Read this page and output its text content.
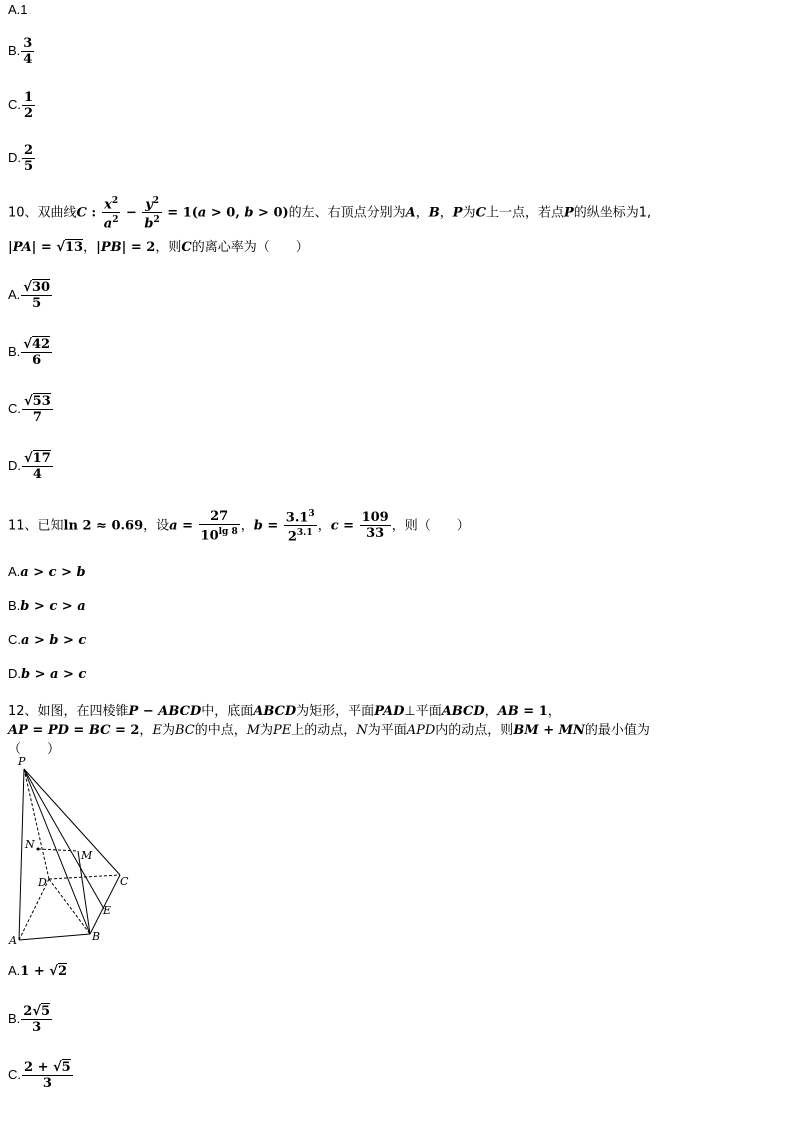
A.1
B. $\frac{3}{4}$
C. $\frac{1}{2}$
D. $\frac{2}{5}$
10、双曲线C : $\frac{x^2}{a^2} - \frac{y^2}{b^2} = 1(a > 0$, b > 0)的左、右顶点分别为A，B，P为C上一点，若点P的纵坐标为1,
|PA| = √13，|PB| = 2，则C的离心率为（　　）
A. $\frac{√30}{5}$
B. $\frac{√42}{6}$
C. $\frac{√53}{7}$
D. $\frac{√17}{4}$
11、已知ln 2 ≈ 0.69，设$a = \frac{27}{10^{lg 8}}$ ，$b = \frac{3.1^3}{2^{3.1}}$ ，$c = \frac{109}{33}$ ，则（　　）
A.a > c > b
B.b > c > a
C.a > b > c
D.b > a > c
12、如图，在四棱锥P − ABCD中，底面ABCD为矩形，平面PAD⊥平面ABCD，AB = 1，
AP = PD = BC = 2，E为BC的中点，M为PE上的动点，N为平面APD内的动点，则BM + MN的最小值为
（　　）
P
N
M
D	C
E
A	B
A.1 + √2
B. $\frac{2√5}{3}$
C. $\frac{2 + √5}{3}$
